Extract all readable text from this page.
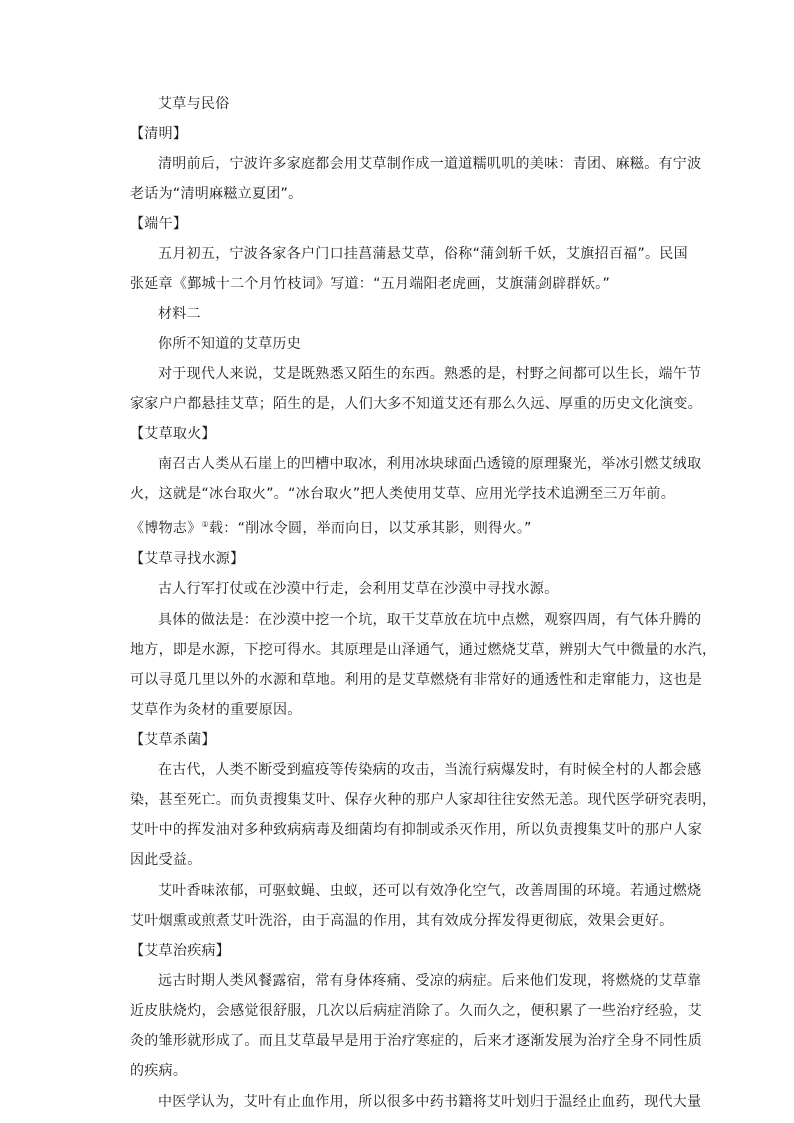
艾草与民俗
【清明】
清明前后，宁波许多家庭都会用艾草制作成一道道糯叽叽的美味：青团、麻糍。有宁波
老话为“清明麻糍立夏团”。
【端午】
五月初五，宁波各家各户门口挂菖蒲悬艾草，俗称“蒲剑斩千妖，艾旗招百福”。民国
张延章《鄞城十二个月竹枝词》写道：“五月端阳老虎画，艾旗蒲剑辟群妖。”
材料二
你所不知道的艾草历史
对于现代人来说，艾是既熟悉又陌生的东西。熟悉的是，村野之间都可以生长，端午节
家家户户都悬挂艾草；陌生的是，人们大多不知道艾还有那么久远、厚重的历史文化演变。
【艾草取火】
南召古人类从石崖上的凹槽中取冰，利用冰块球面凸透镜的原理聚光，举冰引燃艾绒取
火，这就是“冰台取火”。“冰台取火”把人类使用艾草、应用光学技术追溯至三万年前。
《博物志》①载：“削冰令圆，举而向日，以艾承其影，则得火。”
【艾草寻找水源】
古人行军打仗或在沙漠中行走，会利用艾草在沙漠中寻找水源。
具体的做法是：在沙漠中挖一个坑，取干艾草放在坑中点燃，观察四周，有气体升腾的
地方，即是水源，下挖可得水。其原理是山泽通气，通过燃烧艾草，辨别大气中微量的水汽，
可以寻觅几里以外的水源和草地。利用的是艾草燃烧有非常好的通透性和走窜能力，这也是
艾草作为灸材的重要原因。
【艾草杀菌】
在古代，人类不断受到瘟疫等传染病的攻击，当流行病爆发时，有时候全村的人都会感
染，甚至死亡。而负责搜集艾叶、保存火种的那户人家却往往安然无恙。现代医学研究表明，
艾叶中的挥发油对多种致病病毒及细菌均有抑制或杀灭作用，所以负责搜集艾叶的那户人家
因此受益。
艾叶香味浓郁，可驱蚊蝇、虫蚁，还可以有效净化空气，改善周围的环境。若通过燃烧
艾叶烟熏或煎煮艾叶洗浴，由于高温的作用，其有效成分挥发得更彻底，效果会更好。
【艾草治疾病】
远古时期人类风餐露宿，常有身体疼痛、受凉的病症。后来他们发现，将燃烧的艾草靠
近皮肤烧灼，会感觉很舒服，几次以后病症消除了。久而久之，便积累了一些治疗经验，艾
灸的雏形就形成了。而且艾草最早是用于治疗寒症的，后来才逐渐发展为治疗全身不同性质
的疾病。
中医学认为，艾叶有止血作用，所以很多中药书籍将艾叶划归于温经止血药，现代大量
